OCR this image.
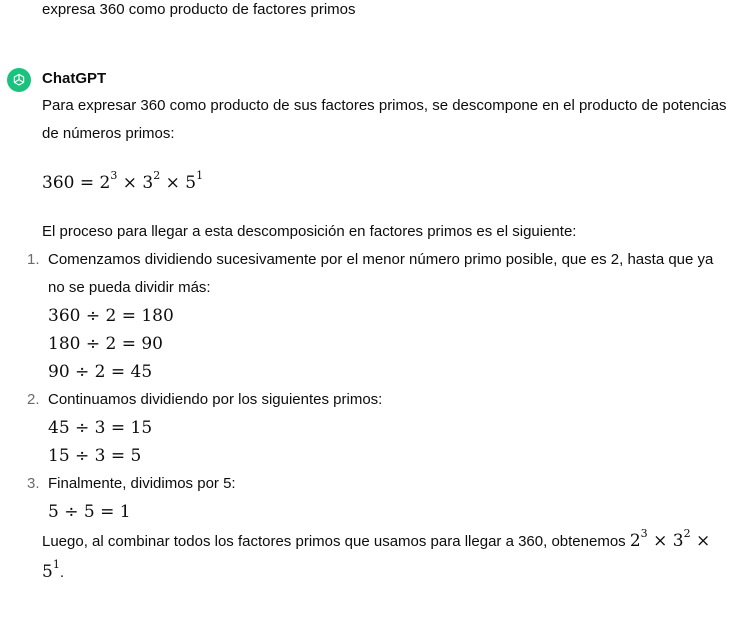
expresa 360 como producto de factores primos
ChatGPT

Para expresar 360 como producto de sus factores primos, se descompone en el producto de potencias de números primos:

$360 = 2^3 \times 3^2 \times 5^1$

El proceso para llegar a esta descomposición en factores primos es el siguiente:

1. Comenzamos dividiendo sucesivamente por el menor número primo posible, que es 2, hasta que ya no se pueda dividir más:
360 ÷ 2 = 180
180 ÷ 2 = 90
90 ÷ 2 = 45
2. Continuamos dividiendo por los siguientes primos:
45 ÷ 3 = 15
15 ÷ 3 = 5
3. Finalmente, dividimos por 5:
5 ÷ 5 = 1

Luego, al combinar todos los factores primos que usamos para llegar a 360, obtenemos $2^3 \times 3^2 \times 5^1$.
